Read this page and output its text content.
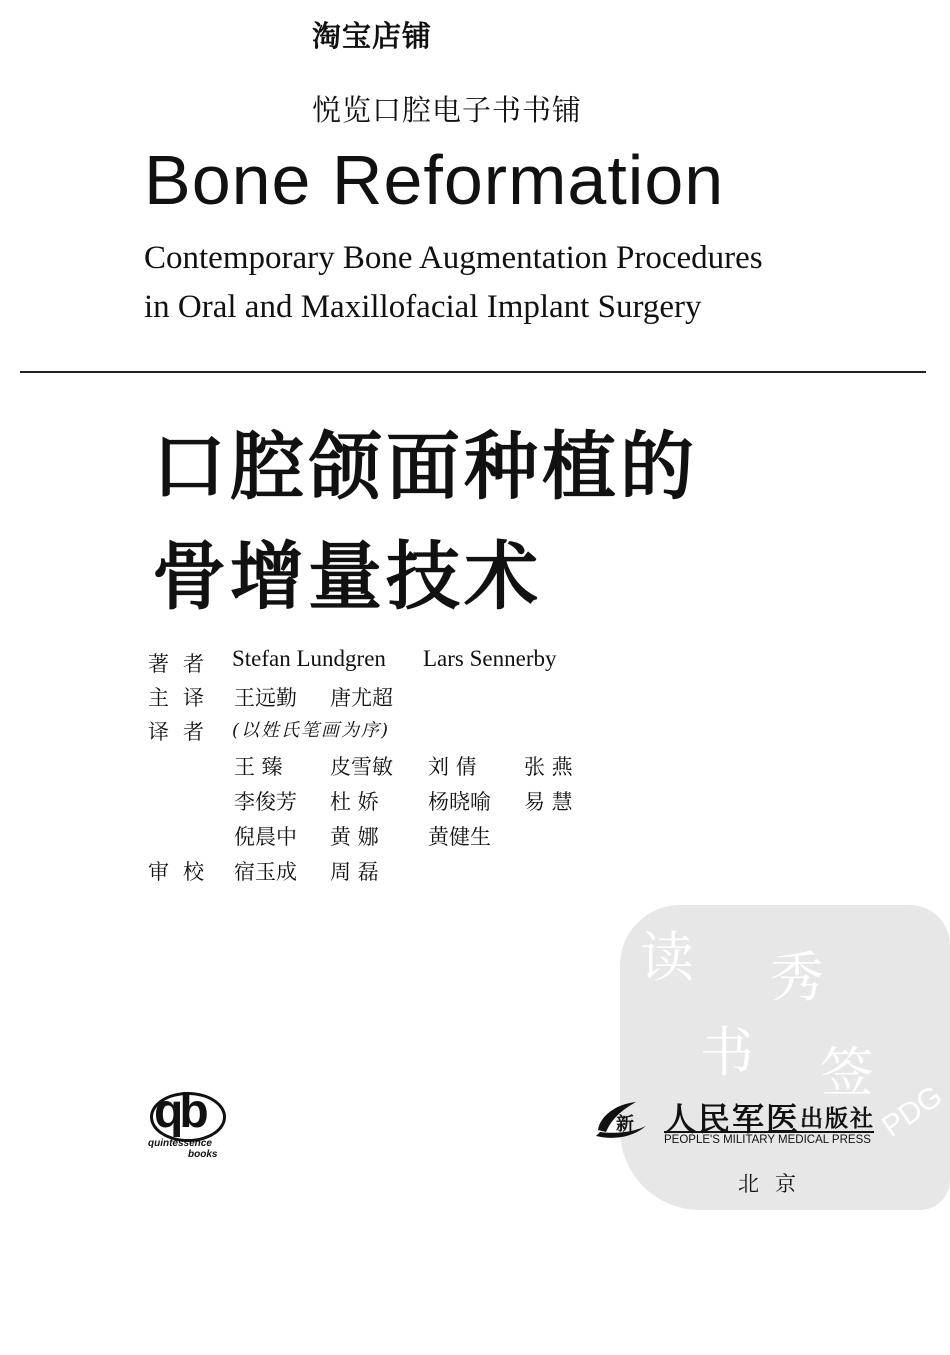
淘宝店铺
悦览口腔电子书书铺
Bone Reformation
Contemporary Bone Augmentation Procedures
in Oral and Maxillofacial Implant Surgery
口腔颌面种植的
骨增量技术
著者 Stefan Lundgren Lars Sennerby
主译 王远勤 唐尤超
译者 (以姓氏笔画为序)
王 臻 皮雪敏 刘 倩 张 燕
李俊芳 杜 娇 杨晓喻 易 慧
倪晨中 黄 娜 黄健生
审校 宿玉成 周 磊
读 秀
书 签
PDG
qb
quintessence
books
新 人民军医 出版社
PEOPLE'S MILITARY MEDICAL PRESS
北京
